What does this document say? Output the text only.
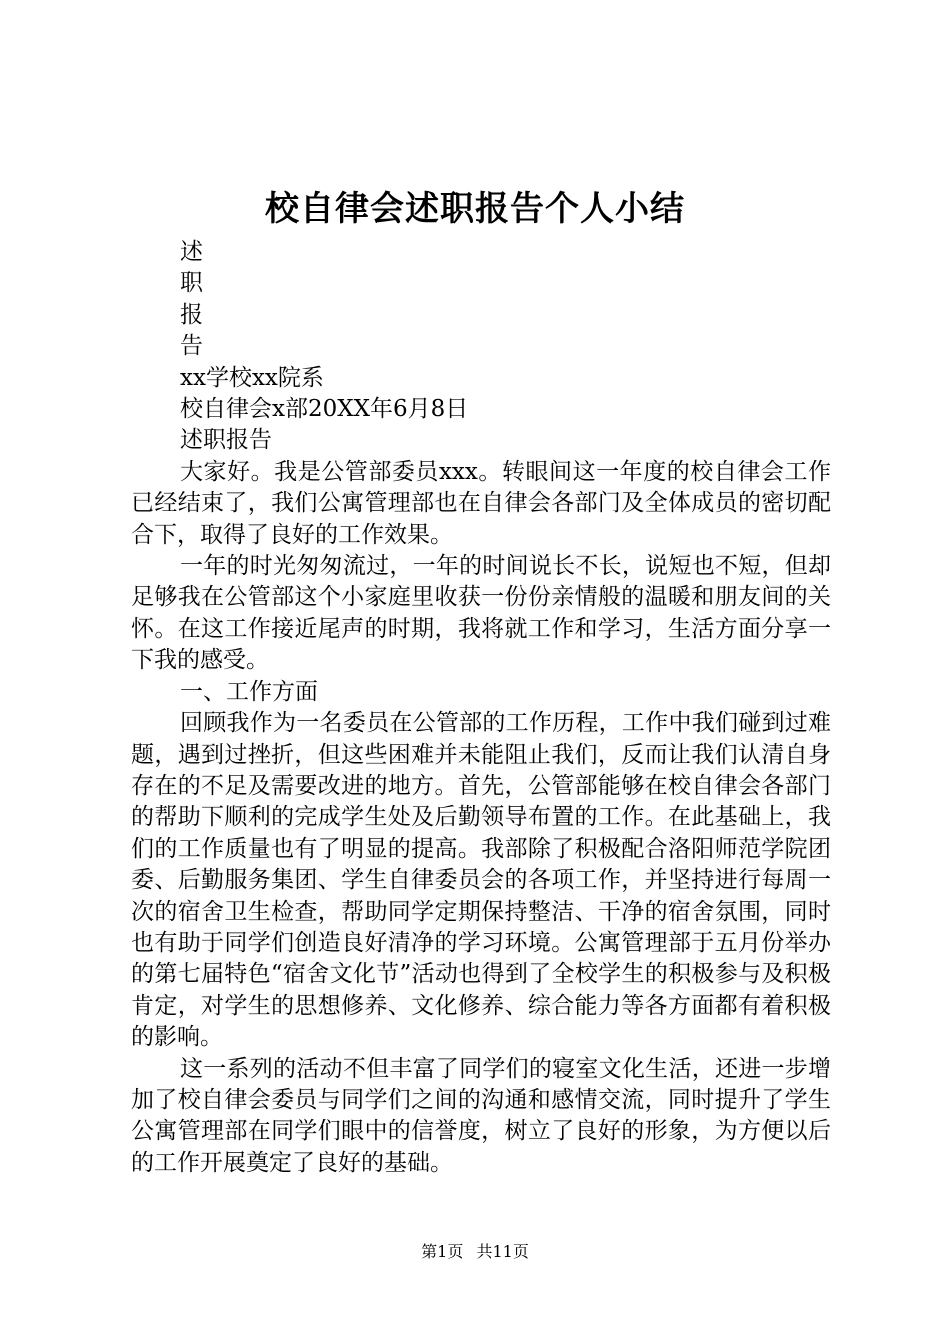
校自律会述职报告个人小结
述
职
报
告
xx学校xx院系
校自律会x部20XX年6月8日
述职报告

大家好。我是公管部委员xxx。转眼间这一年度的校自律会工作已经结束了，我们公寓管理部也在自律会各部门及全体成员的密切配合下，取得了良好的工作效果。

一年的时光匆匆流过，一年的时间说长不长，说短也不短，但却足够我在公管部这个小家庭里收获一份份亲情般的温暖和朋友间的关怀。在这工作接近尾声的时期，我将就工作和学习，生活方面分享一下我的感受。

一、工作方面

回顾我作为一名委员在公管部的工作历程，工作中我们碰到过难题，遇到过挫折，但这些困难并未能阻止我们，反而让我们认清自身存在的不足及需要改进的地方。首先，公管部能够在校自律会各部门的帮助下顺利的完成学生处及后勤领导布置的工作。在此基础上，我们的工作质量也有了明显的提高。我部除了积极配合洛阳师范学院团委、后勤服务集团、学生自律委员会的各项工作，并坚持进行每周一次的宿舍卫生检查，帮助同学定期保持整洁、干净的宿舍氛围，同时也有助于同学们创造良好清净的学习环境。公寓管理部于五月份举办的第七届特色“宿舍文化节”活动也得到了全校学生的积极参与及积极肯定，对学生的思想修养、文化修养、综合能力等各方面都有着积极的影响。

这一系列的活动不但丰富了同学们的寝室文化生活，还进一步增加了校自律会委员与同学们之间的沟通和感情交流，同时提升了学生公寓管理部在同学们眼中的信誉度，树立了良好的形象，为方便以后的工作开展奠定了良好的基础。

第1页 共11页
